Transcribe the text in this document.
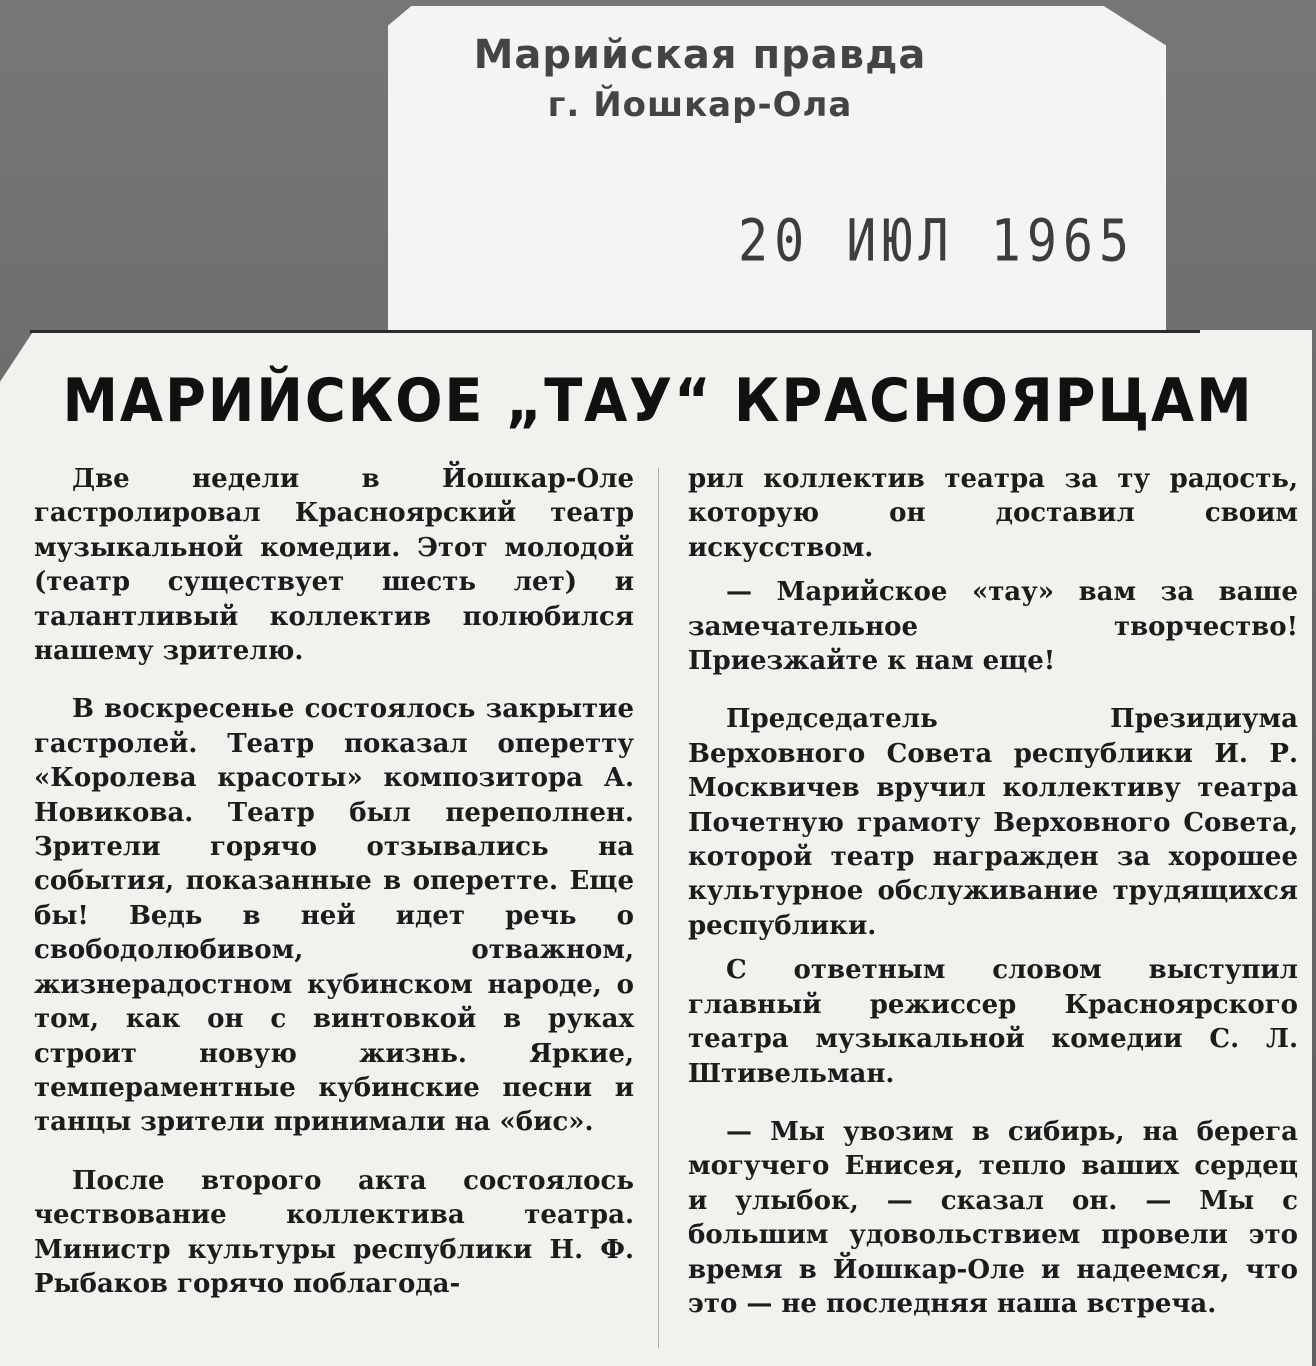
Марийская правда
г. Йошкар-Ола
20 ИЮЛ 1965
МАРИЙСКОЕ „ТАУ“ КРАСНОЯРЦАМ

Две недели в Йошкар-Оле гастролировал Красноярский театр музыкальной комедии. Этот молодой (театр существует шесть лет) и талантливый коллектив полюбился нашему зрителю.

В воскресенье состоялось закрытие гастролей. Театр показал оперетту «Королева красоты» композитора А. Новикова. Театр был переполнен. Зрители горячо отзывались на события, показанные в оперетте. Еще бы! Ведь в ней идет речь о свободолюбивом, отважном, жизнерадостном кубинском народе, о том, как он с винтовкой в руках строит новую жизнь. Яркие, темпераментные кубинские песни и танцы зрители принимали на «бис».

После второго акта состоялось чествование коллектива театра. Министр культуры республики Н. Ф. Рыбаков горячо поблагода-

рил коллектив театра за ту радость, которую он доставил своим искусством.

— Марийское «тау» вам за ваше замечательное творчество! Приезжайте к нам еще!

Председатель Президиума Верховного Совета республики И. Р. Москвичев вручил коллективу театра Почетную грамоту Верховного Совета, которой театр награжден за хорошее культурное обслуживание трудящихся республики.

С ответным словом выступил главный режиссер Красноярского театра музыкальной комедии С. Л. Штивельман.

— Мы увозим в сибирь, на берега могучего Енисея, тепло ваших сердец и улыбок, — сказал он. — Мы с большим удовольствием провели это время в Йошкар-Оле и надеемся, что это — не последняя наша встреча.
